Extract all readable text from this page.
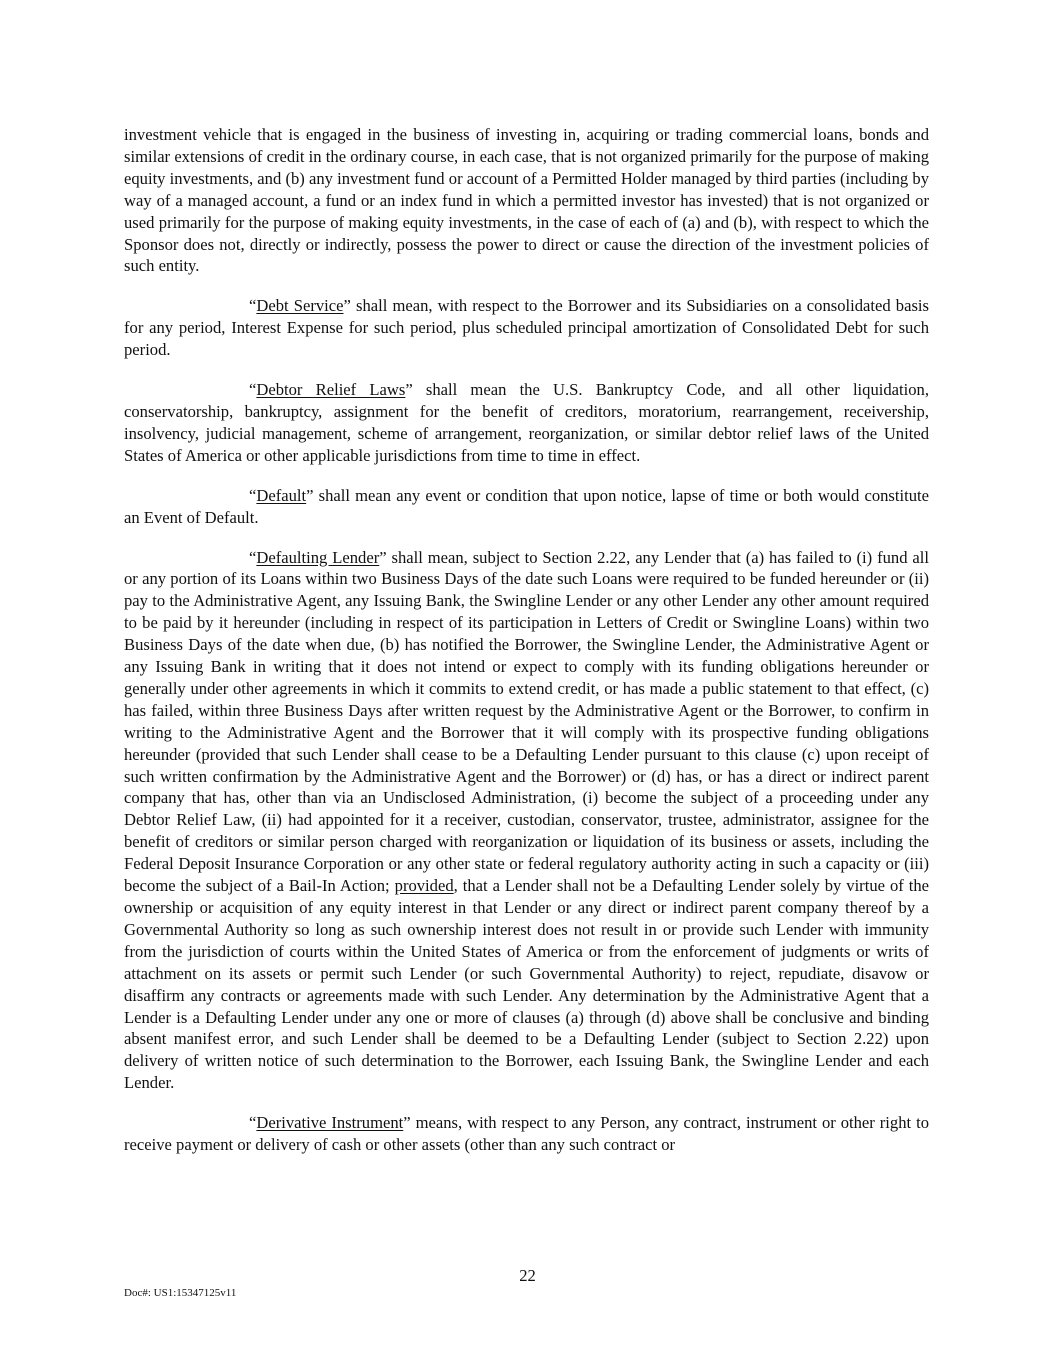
investment vehicle that is engaged in the business of investing in, acquiring or trading commercial loans, bonds and similar extensions of credit in the ordinary course, in each case, that is not organized primarily for the purpose of making equity investments, and (b) any investment fund or account of a Permitted Holder managed by third parties (including by way of a managed account, a fund or an index fund in which a permitted investor has invested) that is not organized or used primarily for the purpose of making equity investments, in the case of each of (a) and (b), with respect to which the Sponsor does not, directly or indirectly, possess the power to direct or cause the direction of the investment policies of such entity.

“Debt Service” shall mean, with respect to the Borrower and its Subsidiaries on a consolidated basis for any period, Interest Expense for such period, plus scheduled principal amortization of Consolidated Debt for such period.

“Debtor Relief Laws” shall mean the U.S. Bankruptcy Code, and all other liquidation, conservatorship, bankruptcy, assignment for the benefit of creditors, moratorium, rearrangement, receivership, insolvency, judicial management, scheme of arrangement, reorganization, or similar debtor relief laws of the United States of America or other applicable jurisdictions from time to time in effect.

“Default” shall mean any event or condition that upon notice, lapse of time or both would constitute an Event of Default.

“Defaulting Lender” shall mean, subject to Section 2.22, any Lender that (a) has failed to (i) fund all or any portion of its Loans within two Business Days of the date such Loans were required to be funded hereunder or (ii) pay to the Administrative Agent, any Issuing Bank, the Swingline Lender or any other Lender any other amount required to be paid by it hereunder (including in respect of its participation in Letters of Credit or Swingline Loans) within two Business Days of the date when due, (b) has notified the Borrower, the Swingline Lender, the Administrative Agent or any Issuing Bank in writing that it does not intend or expect to comply with its funding obligations hereunder or generally under other agreements in which it commits to extend credit, or has made a public statement to that effect, (c) has failed, within three Business Days after written request by the Administrative Agent or the Borrower, to confirm in writing to the Administrative Agent and the Borrower that it will comply with its prospective funding obligations hereunder (provided that such Lender shall cease to be a Defaulting Lender pursuant to this clause (c) upon receipt of such written confirmation by the Administrative Agent and the Borrower) or (d) has, or has a direct or indirect parent company that has, other than via an Undisclosed Administration, (i) become the subject of a proceeding under any Debtor Relief Law, (ii) had appointed for it a receiver, custodian, conservator, trustee, administrator, assignee for the benefit of creditors or similar person charged with reorganization or liquidation of its business or assets, including the Federal Deposit Insurance Corporation or any other state or federal regulatory authority acting in such a capacity or (iii) become the subject of a Bail-In Action; provided, that a Lender shall not be a Defaulting Lender solely by virtue of the ownership or acquisition of any equity interest in that Lender or any direct or indirect parent company thereof by a Governmental Authority so long as such ownership interest does not result in or provide such Lender with immunity from the jurisdiction of courts within the United States of America or from the enforcement of judgments or writs of attachment on its assets or permit such Lender (or such Governmental Authority) to reject, repudiate, disavow or disaffirm any contracts or agreements made with such Lender. Any determination by the Administrative Agent that a Lender is a Defaulting Lender under any one or more of clauses (a) through (d) above shall be conclusive and binding absent manifest error, and such Lender shall be deemed to be a Defaulting Lender (subject to Section 2.22) upon delivery of written notice of such determination to the Borrower, each Issuing Bank, the Swingline Lender and each Lender.

“Derivative Instrument” means, with respect to any Person, any contract, instrument or other right to receive payment or delivery of cash or other assets (other than any such contract or

22
Doc#: US1:15347125v11
